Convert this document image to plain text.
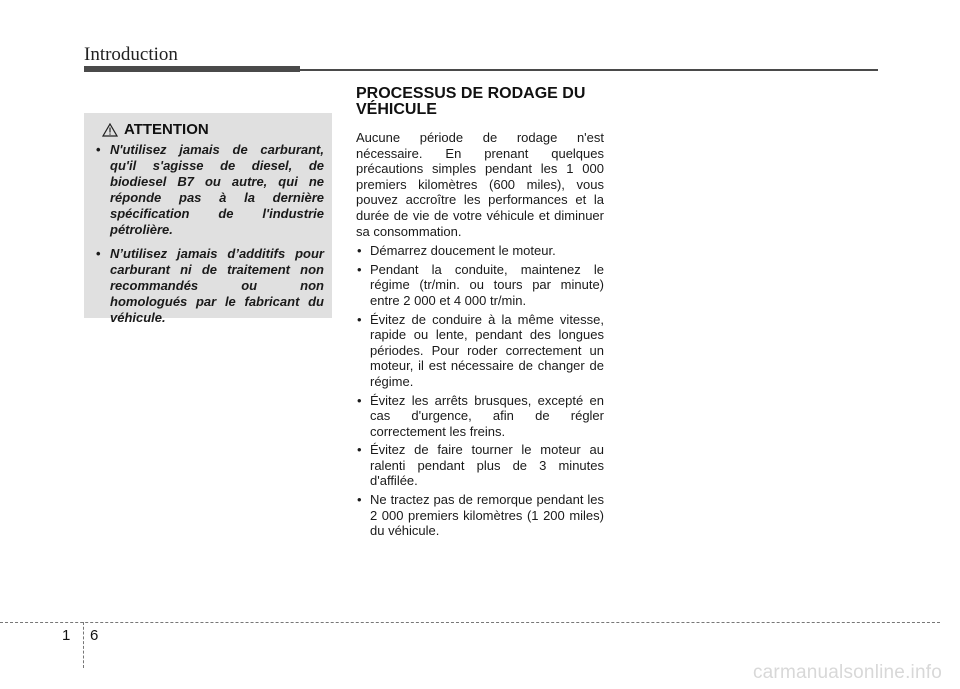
Introduction
ATTENTION
• N'utilisez jamais de carburant, qu'il s'agisse de diesel, de biodiesel B7 ou autre, qui ne réponde pas à la dernière spécification de l'industrie pétrolière.
• N’utilisez jamais d’additifs pour carburant ni de traitement non recommandés ou non homologués par le fabricant du véhicule.
PROCESSUS DE RODAGE DU VÉHICULE

Aucune période de rodage n'est nécessaire. En prenant quelques précautions simples pendant les 1 000 premiers kilomètres (600 miles), vous pouvez accroître les performances et la durée de vie de votre véhicule et diminuer sa consommation.

• Démarrez doucement le moteur.
• Pendant la conduite, maintenez le régime (tr/min. ou tours par minute) entre 2 000 et 4 000 tr/min.
• Évitez de conduire à la même vitesse, rapide ou lente, pendant des longues périodes. Pour roder correctement un moteur, il est nécessaire de changer de régime.
• Évitez les arrêts brusques, excepté en cas d'urgence, afin de régler correctement les freins.
• Évitez de faire tourner le moteur au ralenti pendant plus de 3 minutes d'affilée.
• Ne tractez pas de remorque pendant les 2 000 premiers kilomètres (1 200 miles) du véhicule.
1 6
carmanualsonline.info
